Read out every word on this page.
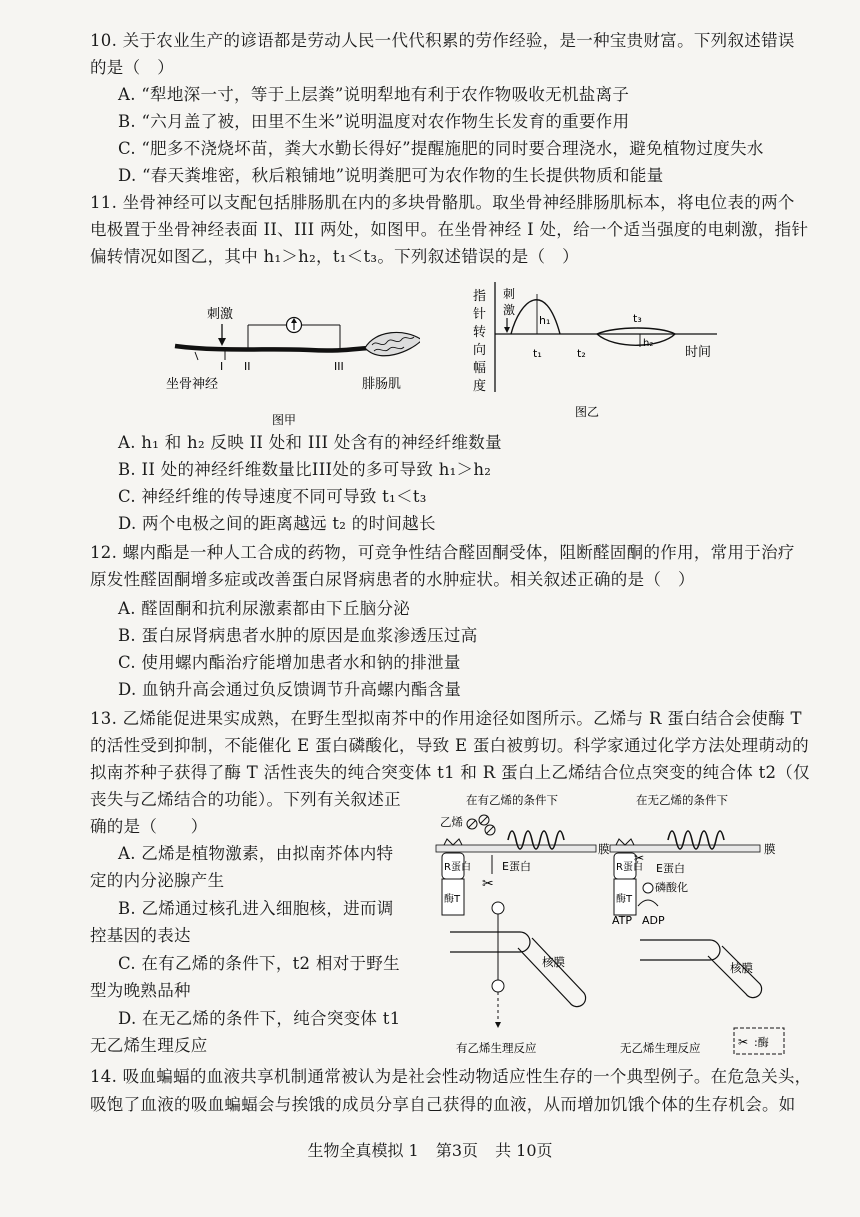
10. 关于农业生产的谚语都是劳动人民一代代积累的劳作经验，是一种宝贵财富。下列叙述错误
的是（　）
A. “犁地深一寸，等于上层粪”说明犁地有利于农作物吸收无机盐离子
B. “六月盖了被，田里不生米”说明温度对农作物生长发育的重要作用
C. “肥多不浇烧坏苗，粪大水勤长得好”提醒施肥的同时要合理浇水，避免植物过度失水
D. “春天粪堆密，秋后粮铺地”说明粪肥可为农作物的生长提供物质和能量
11. 坐骨神经可以支配包括腓肠肌在内的多块骨骼肌。取坐骨神经腓肠肌标本，将电位表的两个
电极置于坐骨神经表面 II、III 两处，如图甲。在坐骨神经 I 处，给一个适当强度的电刺激，指针
偏转情况如图乙，其中 h₁＞h₂，t₁＜t₃。下列叙述错误的是（　）
刺激
I II	III
坐骨神经	腓肠肌
图甲
指
针
转
向
幅
度
刺
激
h₁
h₂
t₁	t₂
t₃
时间
图乙
A. h₁ 和 h₂ 反映 II 处和 III 处含有的神经纤维数量
B. II 处的神经纤维数量比III处的多可导致 h₁＞h₂
C. 神经纤维的传导速度不同可导致 t₁＜t₃
D. 两个电极之间的距离越远 t₂ 的时间越长
12. 螺内酯是一种人工合成的药物，可竞争性结合醛固酮受体，阻断醛固酮的作用，常用于治疗
原发性醛固酮增多症或改善蛋白尿肾病患者的水肿症状。相关叙述正确的是（　）
A. 醛固酮和抗利尿激素都由下丘脑分泌
B. 蛋白尿肾病患者水肿的原因是血浆渗透压过高
C. 使用螺内酯治疗能增加患者水和钠的排泄量
D. 血钠升高会通过负反馈调节升高螺内酯含量
13. 乙烯能促进果实成熟，在野生型拟南芥中的作用途径如图所示。乙烯与 R 蛋白结合会使酶 T
的活性受到抑制，不能催化 E 蛋白磷酸化，导致 E 蛋白被剪切。科学家通过化学方法处理萌动的
拟南芥种子获得了酶 T 活性丧失的纯合突变体 t1 和 R 蛋白上乙烯结合位点突变的纯合体 t2（仅
丧失与乙烯结合的功能）。下列有关叙述正
确的是（　　）
A. 乙烯是植物激素，由拟南芥体内特
定的内分泌腺产生
B. 乙烯通过核孔进入细胞核，进而调
控基因的表达
C. 在有乙烯的条件下，t2 相对于野生
型为晚熟品种
D. 在无乙烯的条件下，纯合突变体 t1
无乙烯生理反应
在有乙烯的条件下	在无乙烯的条件下
乙烯
膜
R蛋白
酶T
E蛋白
✂
核膜
有乙烯生理反应
膜
R蛋白
酶T
✂
E蛋白
磷酸化
ATP ADP
核膜
无乙烯生理反应	✂ :酶
14. 吸血蝙蝠的血液共享机制通常被认为是社会性动物适应性生存的一个典型例子。在危急关头，
吸饱了血液的吸血蝙蝠会与挨饿的成员分享自己获得的血液，从而增加饥饿个体的生存机会。如
生物全真模拟 1 第3页 共 10页
